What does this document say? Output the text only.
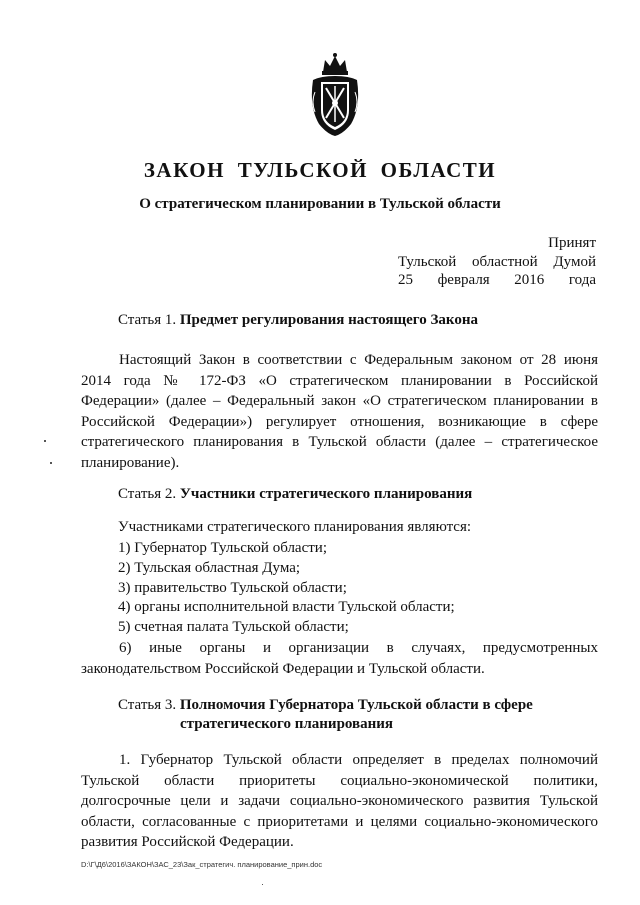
ЗАКОН ТУЛЬСКОЙ ОБЛАСТИ
О стратегическом планировании в Тульской области
Принят
Тульской областной Думой
25 февраля 2016 года
Статья 1. Предмет регулирования настоящего Закона
Настоящий Закон в соответствии с Федеральным законом от 28 июня
2014 года № 172-ФЗ «О стратегическом планировании в Российской
Федерации» (далее – Федеральный закон «О стратегическом планировании в
Российской Федерации») регулирует отношения, возникающие в сфере
стратегического планирования в Тульской области (далее – стратегическое
планирование).
Статья 2. Участники стратегического планирования
Участниками стратегического планирования являются:
1) Губернатор Тульской области;
2) Тульская областная Дума;
3) правительство Тульской области;
4) органы исполнительной власти Тульской области;
5) счетная палата Тульской области;
6) иные органы и организации в случаях, предусмотренных
законодательством Российской Федерации и Тульской области.
Статья 3. Полномочия Губернатора Тульской области в сфере
стратегического планирования
1. Губернатор Тульской области определяет в пределах полномочий
Тульской области приоритеты социально-экономической политики,
долгосрочные цели и задачи социально-экономического развития Тульской
области, согласованные с приоритетами и целями социально-экономического
развития Российской Федерации.
D:\Г\Д6\2016\ЗАКОН\ЗАС_23\Зак_стратегич. планирование_прин.doc
